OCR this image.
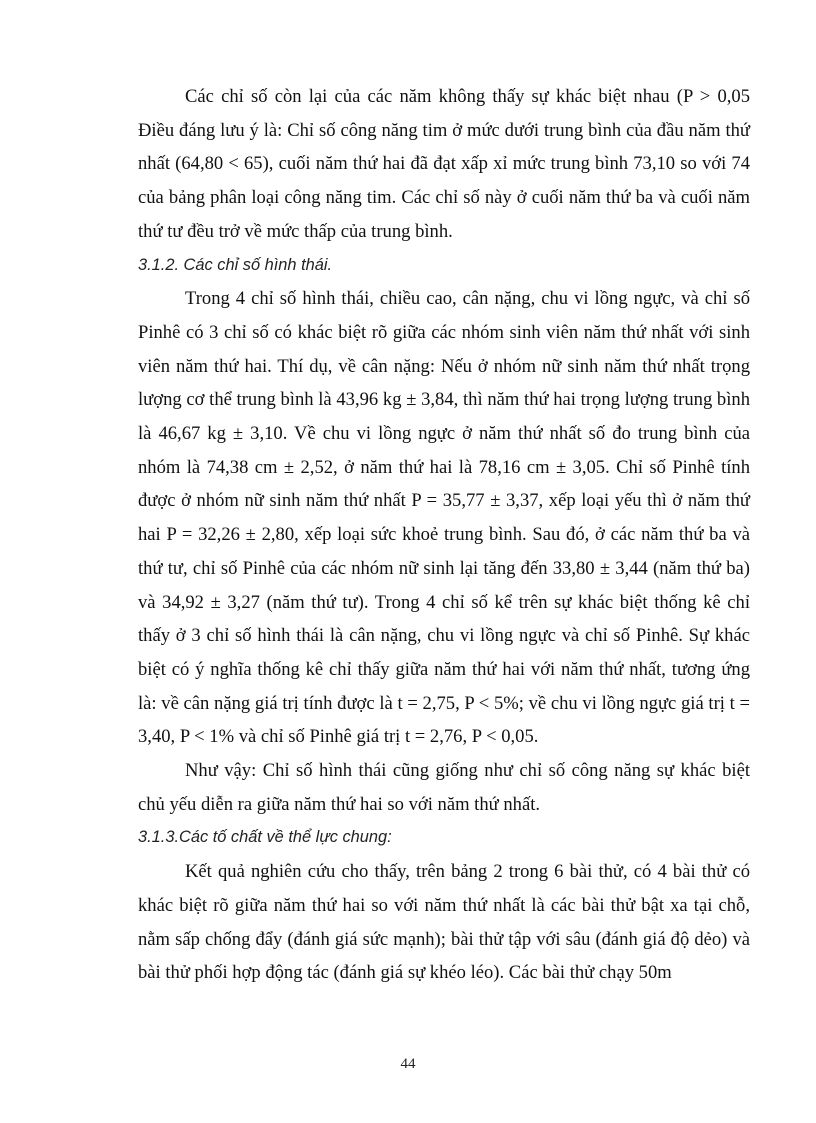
Các chỉ số còn lại của các năm không thấy sự khác biệt nhau (P > 0,05 Điều đáng lưu ý là: Chỉ số công năng tim ở mức dưới trung bình của đầu năm thứ nhất (64,80 < 65), cuối năm thứ hai đã đạt xấp xỉ mức trung bình 73,10 so với 74 của bảng phân loại công năng tim. Các chỉ số này ở cuối năm thứ ba và cuối năm thứ tư đều trở về mức thấp của trung bình.

3.1.2. Các chỉ số hình thái.

Trong 4 chỉ số hình thái, chiều cao, cân nặng, chu vi lồng ngực, và chỉ số Pinhê có 3 chỉ số có khác biệt rõ giữa các nhóm sinh viên năm thứ nhất với sinh viên năm thứ hai. Thí dụ, về cân nặng: Nếu ở nhóm nữ sinh năm thứ nhất trọng lượng cơ thể trung bình là 43,96 kg ± 3,84, thì năm thứ hai trọng lượng trung bình là 46,67 kg ± 3,10. Về chu vi lồng ngực ở năm thứ nhất số đo trung bình của nhóm là 74,38 cm ± 2,52, ở năm thứ hai là 78,16 cm ± 3,05. Chỉ số Pinhê tính được ở nhóm nữ sinh năm thứ nhất P = 35,77 ± 3,37, xếp loại yếu thì ở năm thứ hai P = 32,26 ± 2,80, xếp loại sức khoẻ trung bình. Sau đó, ở các năm thứ ba và thứ tư, chỉ số Pinhê của các nhóm nữ sinh lại tăng đến 33,80 ± 3,44 (năm thứ ba) và 34,92 ± 3,27 (năm thứ tư). Trong 4 chỉ số kể trên sự khác biệt thống kê chỉ thấy ở 3 chỉ số hình thái là cân nặng, chu vi lồng ngực và chỉ số Pinhê. Sự khác biệt có ý nghĩa thống kê chỉ thấy giữa năm thứ hai với năm thứ nhất, tương ứng là: về cân nặng giá trị tính được là t = 2,75, P < 5%; về chu vi lồng ngực giá trị t = 3,40, P < 1% và chỉ số Pinhê giá trị t = 2,76, P < 0,05.

Như vậy: Chỉ số hình thái cũng giống như chỉ số công năng sự khác biệt chủ yếu diễn ra giữa năm thứ hai so với năm thứ nhất.

3.1.3.Các tố chất về thể lực chung:

Kết quả nghiên cứu cho thấy, trên bảng 2 trong 6 bài thử, có 4 bài thử có khác biệt rõ giữa năm thứ hai so với năm thứ nhất là các bài thử bật xa tại chỗ, nằm sấp chống đẩy (đánh giá sức mạnh); bài thử tập với sâu (đánh giá độ dẻo) và bài thử phối hợp động tác (đánh giá sự khéo léo). Các bài thử chạy 50m

44
